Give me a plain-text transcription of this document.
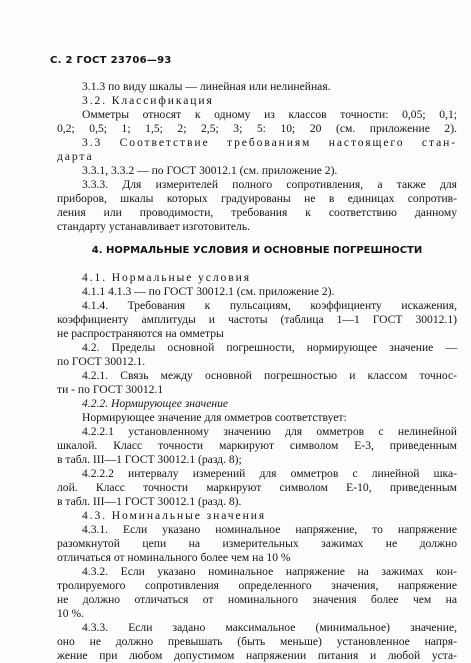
С. 2 ГОСТ 23706—93
3.1.3 по виду шкалы — линейная или нелинейная.
3.2. Классификация
Омметры относят к одному из классов точности: 0,05; 0,1;
0,2; 0,5; 1; 1,5; 2; 2,5; 3; 5: 10; 20 (см. приложение 2).
3.3 Соответствие требованиям настоящего стан-
дарта
3.3.1, 3.3.2 — по ГОСТ 30012.1 (см. приложение 2).
3.3.3. Для измерителей полного сопротивления, а также для
приборов, шкалы которых градуированы не в единицах сопротив-
ления или проводимости, требования к соответствию данному
стандарту устанавливает изготовитель.
4. НОРМАЛЬНЫЕ УСЛОВИЯ И ОСНОВНЫЕ ПОГРЕШНОСТИ
4.1. Нормальные условия
4.1.1 4.1.3 — по ГОСТ 30012.1 (см. приложение 2).
4.1.4. Требования к пульсациям, коэффициенту искажения,
коэффициенту амплитуды и частоты (таблица 1—1 ГОСТ 30012.1)
не распространяются на омметры
4.2. Пределы основной погрешности, нормирующее значение —
по ГОСТ 30012.1.
4.2.1. Связь между основной погрешностью и классом точнос-
ти - по ГОСТ 30012.1
4.2.2. Нормирующее значение
Нормирующее значение для омметров соответствует:
4.2.2.1 установленному значению для омметров с нелинейной
шкалой. Класс точности маркируют символом Е-3, приведенным
в табл. III—1 ГОСТ 30012.1 (разд. 8);
4.2.2.2 интервалу измерений для омметров с линейной шка-
лой. Класс точности маркируют символом Е-10, приведенным
в табл. III—1 ГОСТ 30012.1 (разд. 8).
4.3. Номинальные значения
4.3.1. Если указано номинальное напряжение, то напряжение
разомкнутой цепи на измерительных зажимах не должно
отличаться от номинального более чем на 10 %
4.3.2. Если указано номинальное напряжение на зажимах кон-
тролируемого сопротивления определенного значения, напряжение
не должно отличаться от номинального значения более чем на
10 %.
4.3.3. Если задано максимальное (минимальное) значение,
оно не должно превышать (быть меньше) установленное напря-
жение при любом допустимом напряжении питания и любой уста-
